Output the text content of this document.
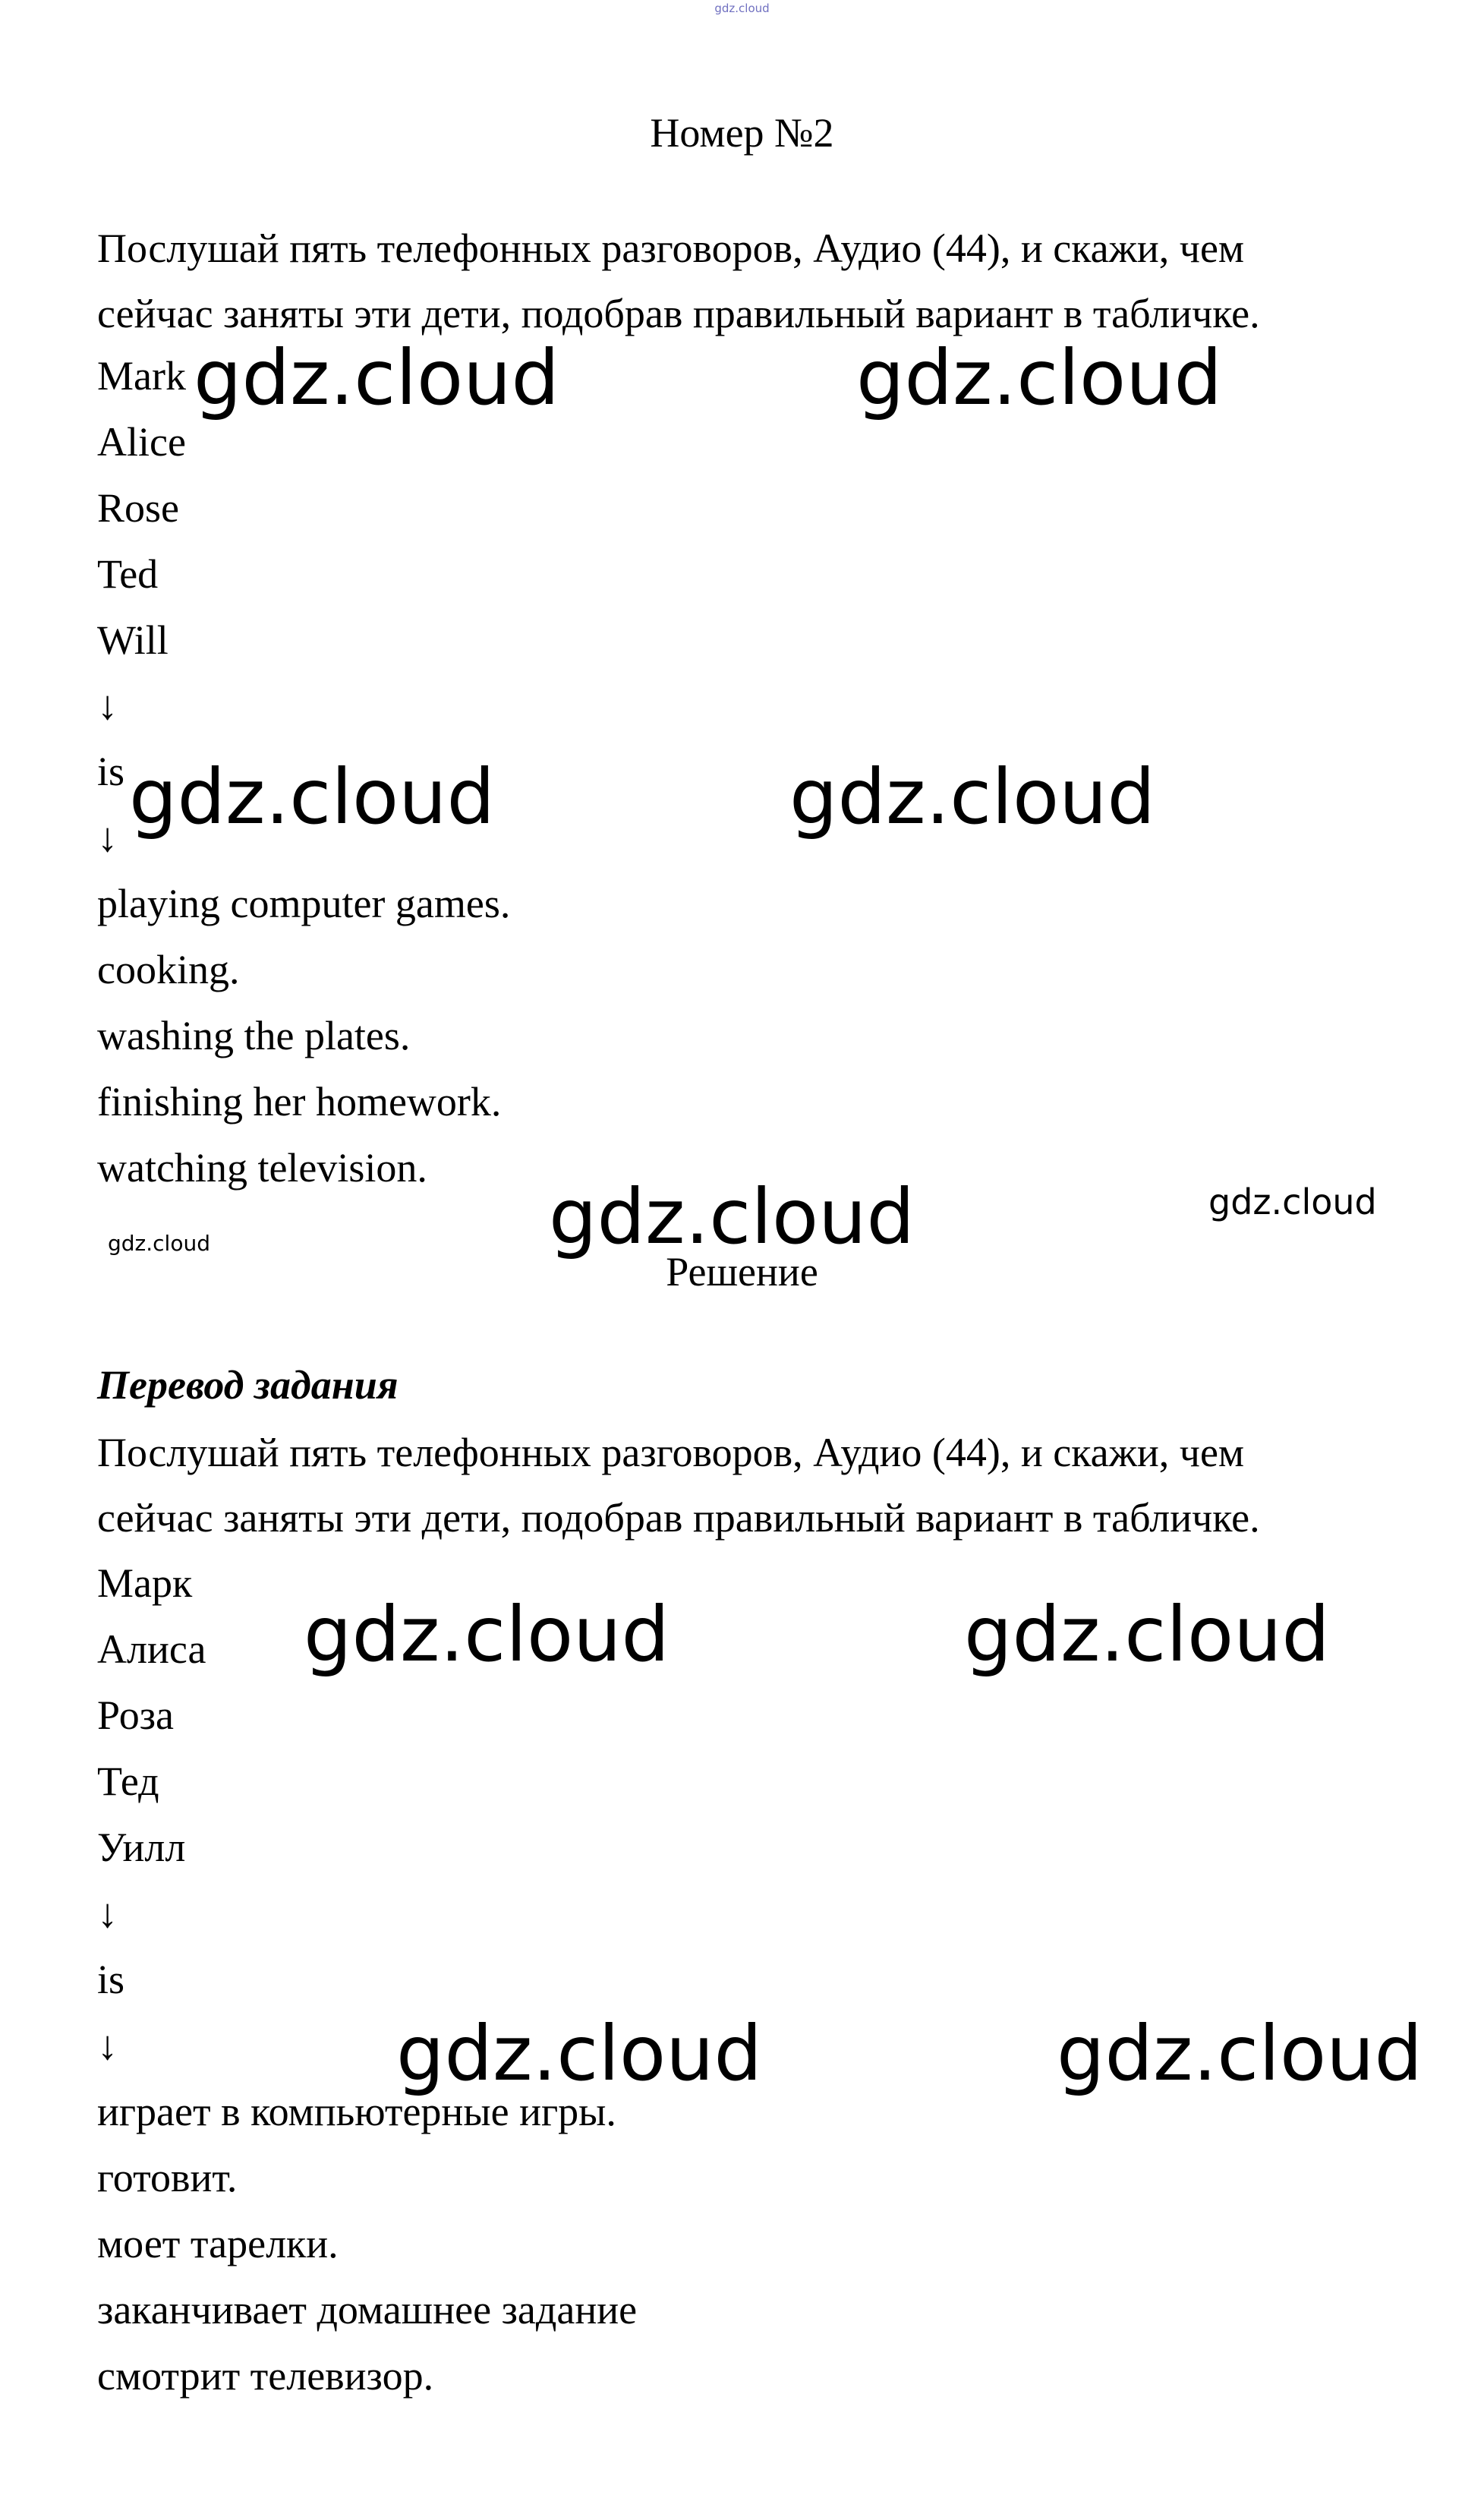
gdz.cloud
Номер №2
Послушай пять телефонных разговоров, Аудио (44), и скажи, чем
сейчас заняты эти дети, подобрав правильный вариант в табличке.
Mark
Alice
Rose
Ted
Will
↓
is
↓
playing computer games.
cooking.
washing the plates.
finishing her homework.
watching television.
Решение
Перевод задания
Послушай пять телефонных разговоров, Аудио (44), и скажи, чем
сейчас заняты эти дети, подобрав правильный вариант в табличке.
Марк
Алиса
Роза
Тед
Уилл
↓
is
↓
играет в компьютерные игры.
готовит.
моет тарелки.
заканчивает домашнее задание
смотрит телевизор.
gdz.cloud	gdz.cloud
gdz.cloud	gdz.cloud
gdz.cloud	gdz.cloud
gdz.cloud
gdz.cloud	gdz.cloud
gdz.cloud	gdz.cloud
